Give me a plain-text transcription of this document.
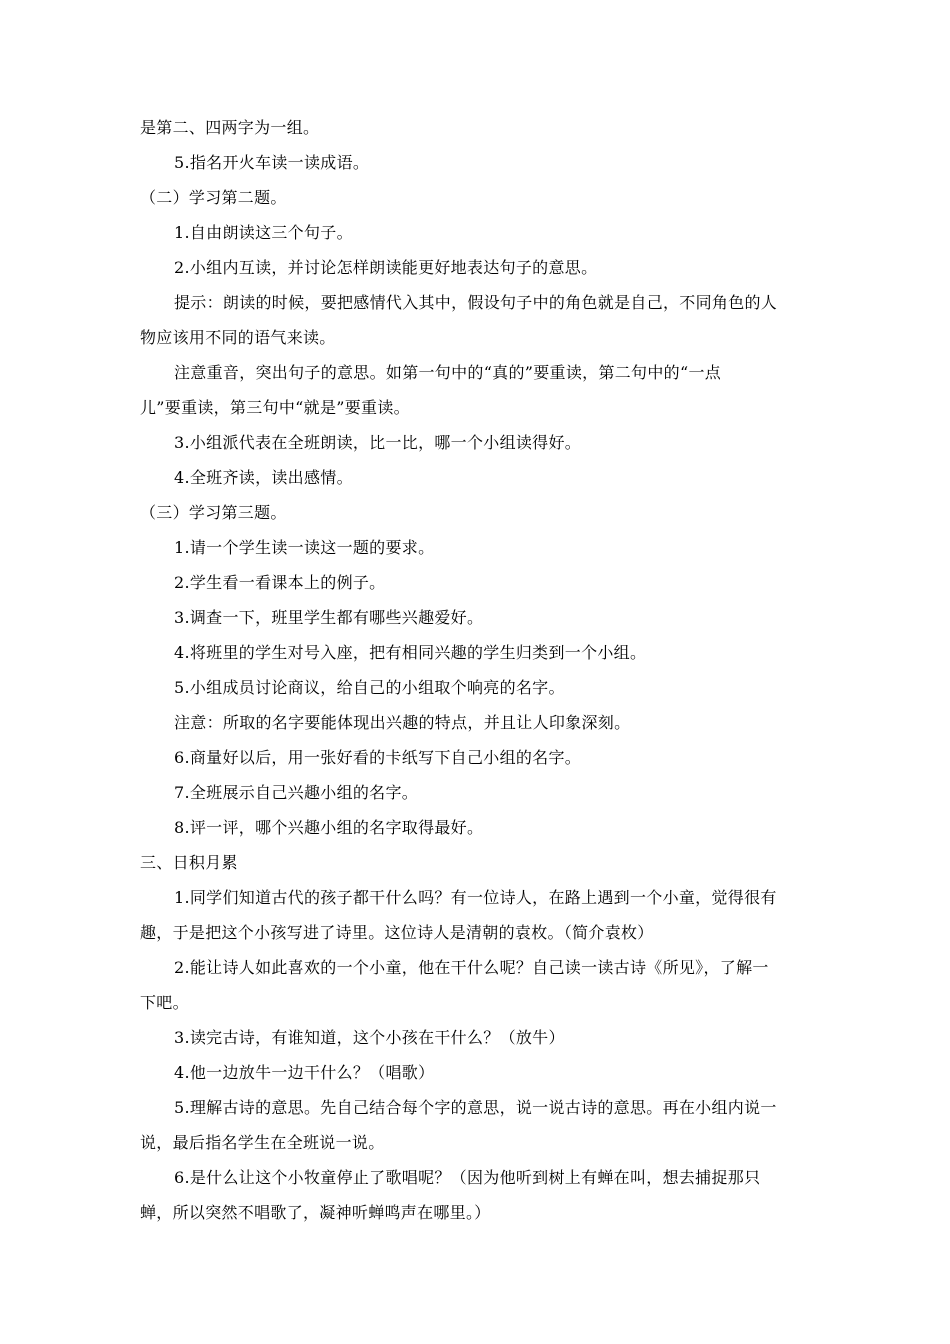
是第二、四两字为一组。
5.指名开火车读一读成语。
（二）学习第二题。
1.自由朗读这三个句子。
2.小组内互读，并讨论怎样朗读能更好地表达句子的意思。
提示：朗读的时候，要把感情代入其中，假设句子中的角色就是自己，不同角色的人
物应该用不同的语气来读。
注意重音，突出句子的意思。如第一句中的“真的”要重读，第二句中的“一点
儿”要重读，第三句中“就是”要重读。
3.小组派代表在全班朗读，比一比，哪一个小组读得好。
4.全班齐读，读出感情。
（三）学习第三题。
1.请一个学生读一读这一题的要求。
2.学生看一看课本上的例子。
3.调查一下，班里学生都有哪些兴趣爱好。
4.将班里的学生对号入座，把有相同兴趣的学生归类到一个小组。
5.小组成员讨论商议，给自己的小组取个响亮的名字。
注意：所取的名字要能体现出兴趣的特点，并且让人印象深刻。
6.商量好以后，用一张好看的卡纸写下自己小组的名字。
7.全班展示自己兴趣小组的名字。
8.评一评，哪个兴趣小组的名字取得最好。
三、日积月累
1.同学们知道古代的孩子都干什么吗？有一位诗人，在路上遇到一个小童，觉得很有
趣，于是把这个小孩写进了诗里。这位诗人是清朝的袁枚。（简介袁枚）
2.能让诗人如此喜欢的一个小童，他在干什么呢？自己读一读古诗《所见》，了解一
下吧。
3.读完古诗，有谁知道，这个小孩在干什么？（放牛）
4.他一边放牛一边干什么？（唱歌）
5.理解古诗的意思。先自己结合每个字的意思，说一说古诗的意思。再在小组内说一
说，最后指名学生在全班说一说。
6.是什么让这个小牧童停止了歌唱呢？（因为他听到树上有蝉在叫，想去捕捉那只
蝉，所以突然不唱歌了，凝神听蝉鸣声在哪里。）
